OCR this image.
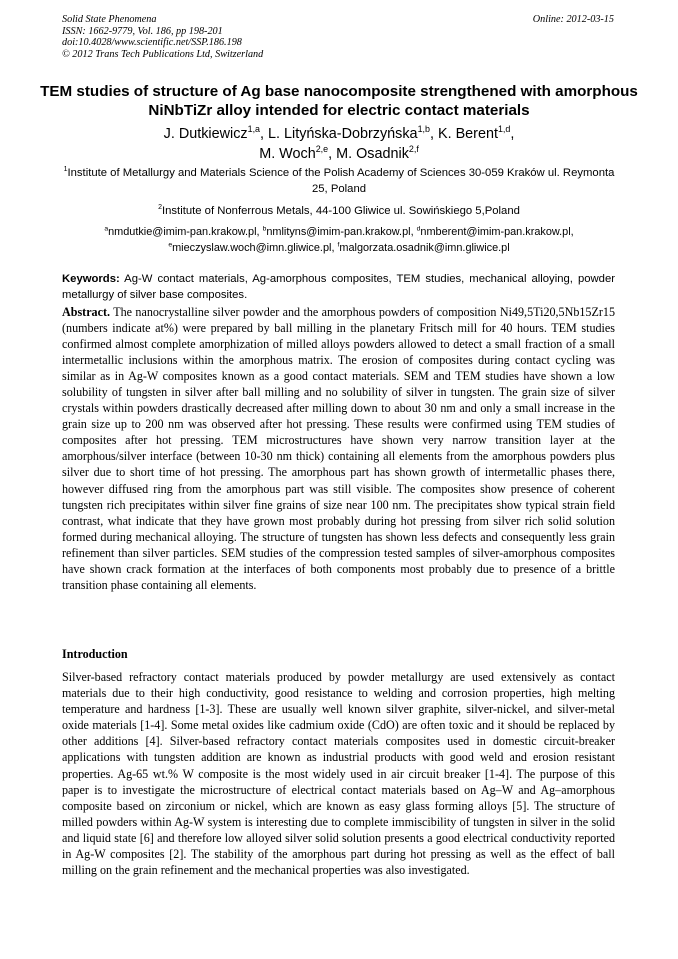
Solid State Phenomena
ISSN: 1662-9779, Vol. 186, pp 198-201
doi:10.4028/www.scientific.net/SSP.186.198
© 2012 Trans Tech Publications Ltd, Switzerland
Online: 2012-03-15
TEM studies of structure of Ag base nanocomposite strengthened with amorphous NiNbTiZr alloy intended for electric contact materials
J. Dutkiewicz$^{1,a}$, L. Lityńska-Dobrzyńska$^{1,b}$, K. Berent$^{1,d}$,
M. Woch$^{2,e}$, M. Osadnik$^{2,f}$
$^1$Institute of Metallurgy and Materials Science of the Polish Academy of Sciences 30-059 Kraków ul. Reymonta 25, Poland
$^2$Institute of Nonferrous Metals, 44-100 Gliwice ul. Sowińskiego 5,Poland
$^a$nmdutkie@imim-pan.krakow.pl, $^b$nmlityns@imim-pan.krakow.pl, $^d$nmberent@imim-pan.krakow.pl,
$^e$mieczyslaw.woch@imn.gliwice.pl, $^f$malgorzata.osadnik@imn.gliwice.pl
Keywords: Ag-W contact materials, Ag-amorphous composites, TEM studies, mechanical alloying, powder metallurgy of silver base composites.
Abstract. The nanocrystalline silver powder and the amorphous powders of composition Ni49,5Ti20,5Nb15Zr15 (numbers indicate at%) were prepared by ball milling in the planetary Fritsch mill for 40 hours. TEM studies confirmed almost complete amorphization of milled alloys powders allowed to detect a small fraction of a small intermetallic inclusions within the amorphous matrix. The erosion of composites during contact cycling was similar as in Ag-W composites known as a good contact materials. SEM and TEM studies have shown a low solubility of tungsten in silver after ball milling and no solubility of silver in tungsten. The grain size of silver crystals within powders drastically decreased after milling down to about 30 nm and only a small increase in the grain size up to 200 nm was observed after hot pressing. These results were confirmed using TEM studies of composites after hot pressing. TEM microstructures have shown very narrow transition layer at the amorphous/silver interface (between 10-30 nm thick) containing all elements from the amorphous powders plus silver due to short time of hot pressing. The amorphous part has shown growth of intermetallic phases there, however diffused ring from the amorphous part was still visible. The composites show presence of coherent tungsten rich precipitates within silver fine grains of size near 100 nm. The precipitates show typical strain field contrast, what indicate that they have grown most probably during hot pressing from silver rich solid solution formed during mechanical alloying. The structure of tungsten has shown less defects and consequently less grain refinement than silver particles. SEM studies of the compression tested samples of silver-amorphous composites have shown crack formation at the interfaces of both components most probably due to presence of a brittle transition phase containing all elements.
Introduction
Silver-based refractory contact materials produced by powder metallurgy are used extensively as contact materials due to their high conductivity, good resistance to welding and corrosion properties, high melting temperature and hardness [1-3]. These are usually well known silver graphite, silver-nickel, and silver-metal oxide materials [1-4]. Some metal oxides like cadmium oxide (CdO) are often toxic and it should be replaced by other additions [4]. Silver-based refractory contact materials composites used in domestic circuit-breaker applications with tungsten addition are known as industrial products with good weld and erosion resistant properties. Ag-65 wt.% W composite is the most widely used in air circuit breaker [1-4]. The purpose of this paper is to investigate the microstructure of electrical contact materials based on Ag–W and Ag–amorphous composite based on zirconium or nickel, which are known as easy glass forming alloys [5]. The structure of milled powders within Ag-W system is interesting due to complete immiscibility of tungsten in silver in the solid and liquid state [6] and therefore low alloyed silver solid solution presents a good electrical conductivity reported in Ag-W composites [2]. The stability of the amorphous part during hot pressing as well as the effect of ball milling on the grain refinement and the mechanical properties was also investigated.
